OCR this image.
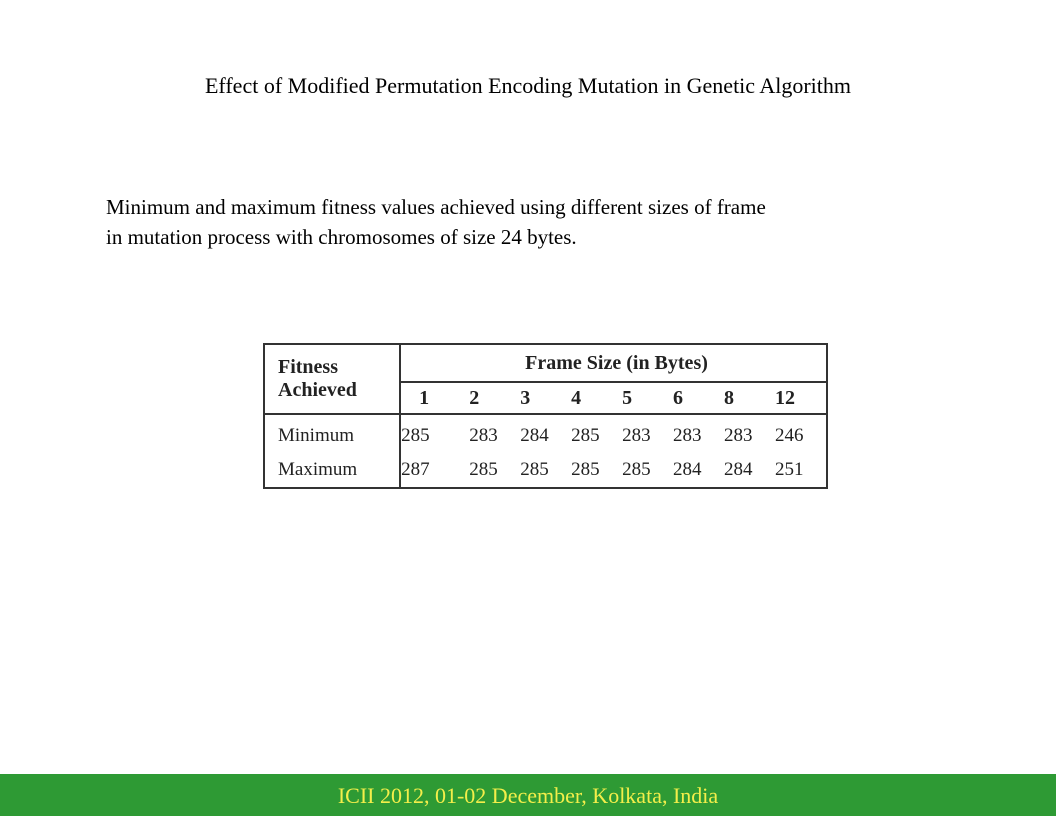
Effect of Modified Permutation Encoding Mutation in Genetic Algorithm

Minimum and maximum fitness values achieved using different sizes of frame

in mutation process with chromosomes of size 24 bytes.

Fitness
Achieved	Frame Size (in Bytes)							
	1	2	3	4	5	6	8	12
Minimum	285	283	284	285	283	283	283	246
Maximum	287	285	285	285	285	284	284	251
ICII 2012, 01-02 December, Kolkata, India
